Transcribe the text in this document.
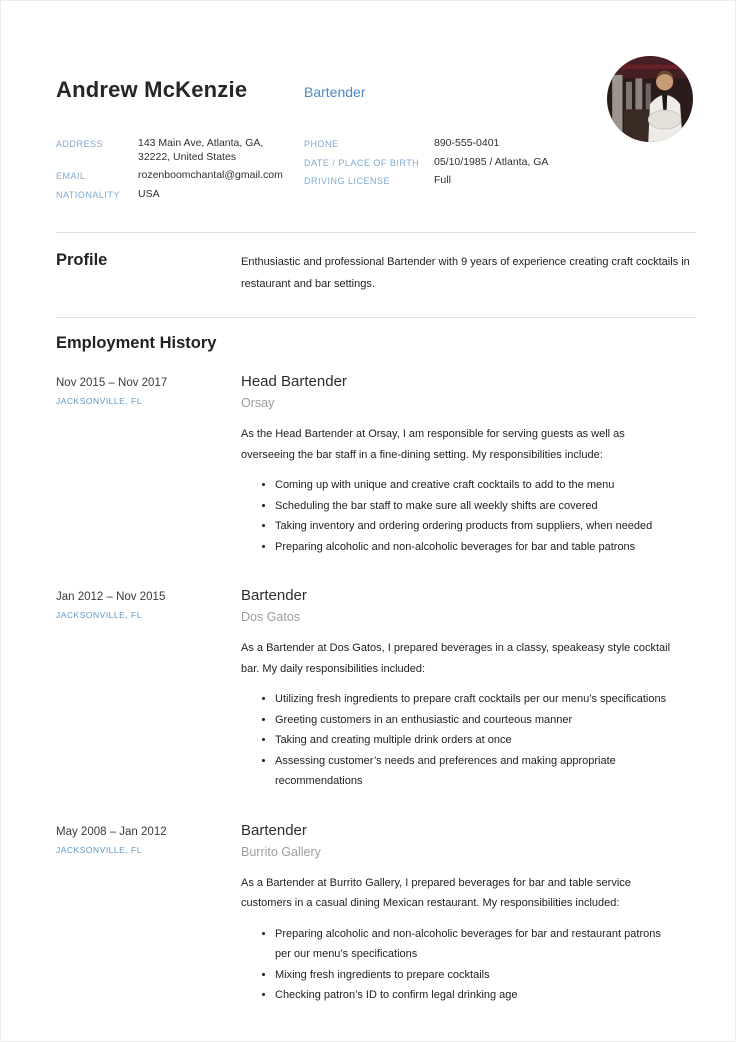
Andrew McKenzie	Bartender
ADDRESS	143 Main Ave, Atlanta, GA, 32222, United States
EMAIL	rozenboomchantal@gmail.com
NATIONALITY	USA
PHONE	890-555-0401
DATE / PLACE OF BIRTH	05/10/1985 / Atlanta, GA
DRIVING LICENSE	Full
Profile	Enthusiastic and professional Bartender with 9 years of experience creating craft cocktails in restaurant and bar settings.
Employment History
Nov 2015 – Nov 2017
JACKSONVILLE, FL
Head Bartender
Orsay
As the Head Bartender at Orsay, I am responsible for serving guests as well as overseeing the bar staff in a fine-dining setting. My responsibilities include:
• Coming up with unique and creative craft cocktails to add to the menu
• Scheduling the bar staff to make sure all weekly shifts are covered
• Taking inventory and ordering ordering products from suppliers, when needed
• Preparing alcoholic and non-alcoholic beverages for bar and table patrons
Jan 2012 – Nov 2015
JACKSONVILLE, FL
Bartender
Dos Gatos
As a Bartender at Dos Gatos, I prepared beverages in a classy, speakeasy style cocktail bar. My daily responsibilities included:
• Utilizing fresh ingredients to prepare craft cocktails per our menu’s specifications
• Greeting customers in an enthusiastic and courteous manner
• Taking and creating multiple drink orders at once
• Assessing customer’s needs and preferences and making appropriate recommendations
May 2008 – Jan 2012
JACKSONVILLE, FL
Bartender
Burrito Gallery
As a Bartender at Burrito Gallery, I prepared beverages for bar and table service customers in a casual dining Mexican restaurant. My responsibilities included:
• Preparing alcoholic and non-alcoholic beverages for bar and restaurant patrons per our menu’s specifications
• Mixing fresh ingredients to prepare cocktails
• Checking patron’s ID to confirm legal drinking age
